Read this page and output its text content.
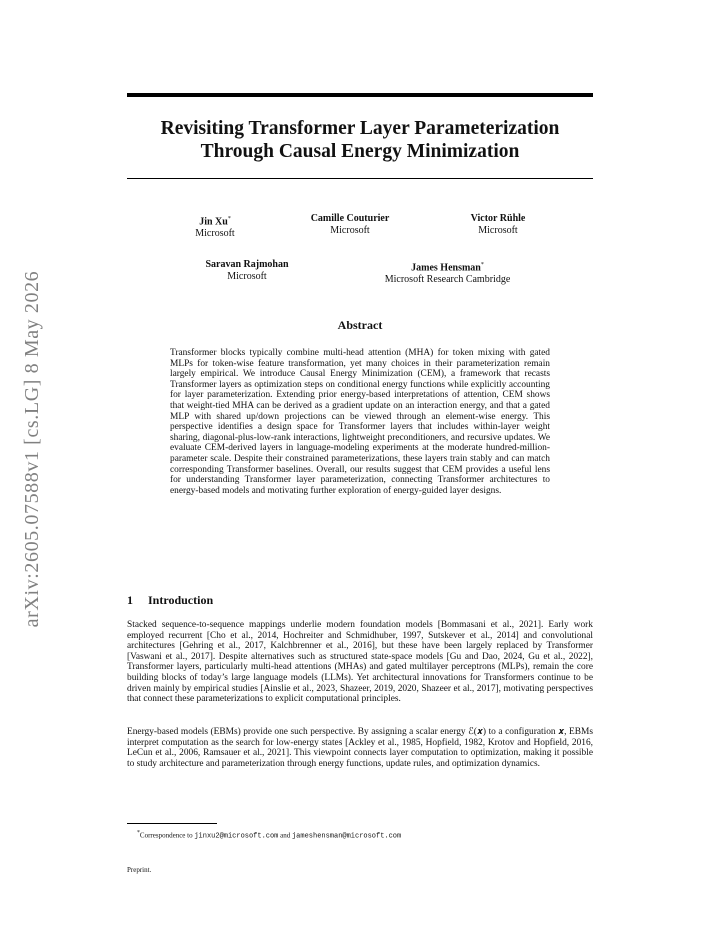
arXiv:2605.07588v1 [cs.LG] 8 May 2026
Revisiting Transformer Layer Parameterization
Through Causal Energy Minimization
Jin Xu*
Microsoft
Camille Couturier
Microsoft
Victor Rühle
Microsoft
Saravan Rajmohan
Microsoft
James Hensman*
Microsoft Research Cambridge
Abstract
Transformer blocks typically combine multi-head attention (MHA) for token mixing with gated MLPs for token-wise feature transformation, yet many choices in their parameterization remain largely empirical. We introduce Causal Energy Minimization (CEM), a framework that recasts Transformer layers as optimization steps on conditional energy functions while explicitly accounting for layer parameterization. Extending prior energy-based interpretations of attention, CEM shows that weight-tied MHA can be derived as a gradient update on an interaction energy, and that a gated MLP with shared up/down projections can be viewed through an element-wise energy. This perspective identifies a design space for Transformer layers that includes within-layer weight sharing, diagonal-plus-low-rank interactions, lightweight preconditioners, and recursive updates. We evaluate CEM-derived layers in language-modeling experiments at the moderate hundred-million-parameter scale. Despite their constrained parameterizations, these layers train stably and can match corresponding Transformer baselines. Overall, our results suggest that CEM provides a useful lens for understanding Transformer layer parameterization, connecting Transformer architectures to energy-based models and motivating further exploration of energy-guided layer designs.
1 Introduction
Stacked sequence-to-sequence mappings underlie modern foundation models [Bommasani et al., 2021]. Early work employed recurrent [Cho et al., 2014, Hochreiter and Schmidhuber, 1997, Sutskever et al., 2014] and convolutional architectures [Gehring et al., 2017, Kalchbrenner et al., 2016], but these have been largely replaced by Transformer [Vaswani et al., 2017]. Despite alternatives such as structured state-space models [Gu and Dao, 2024, Gu et al., 2022], Transformer layers, particularly multi-head attentions (MHAs) and gated multilayer perceptrons (MLPs), remain the core building blocks of today’s large language models (LLMs). Yet architectural innovations for Transformers continue to be driven mainly by empirical studies [Ainslie et al., 2023, Shazeer, 2019, 2020, Shazeer et al., 2017], motivating perspectives that connect these parameterizations to explicit computational principles.
Energy-based models (EBMs) provide one such perspective. By assigning a scalar energy ℰ(𝒙) to a configuration 𝒙, EBMs interpret computation as the search for low-energy states [Ackley et al., 1985, Hopfield, 1982, Krotov and Hopfield, 2016, LeCun et al., 2006, Ramsauer et al., 2021]. This viewpoint connects layer computation to optimization, making it possible to study architecture and parameterization through energy functions, update rules, and optimization dynamics.
*Correspondence to jinxu2@microsoft.com and jameshensman@microsoft.com
Preprint.
